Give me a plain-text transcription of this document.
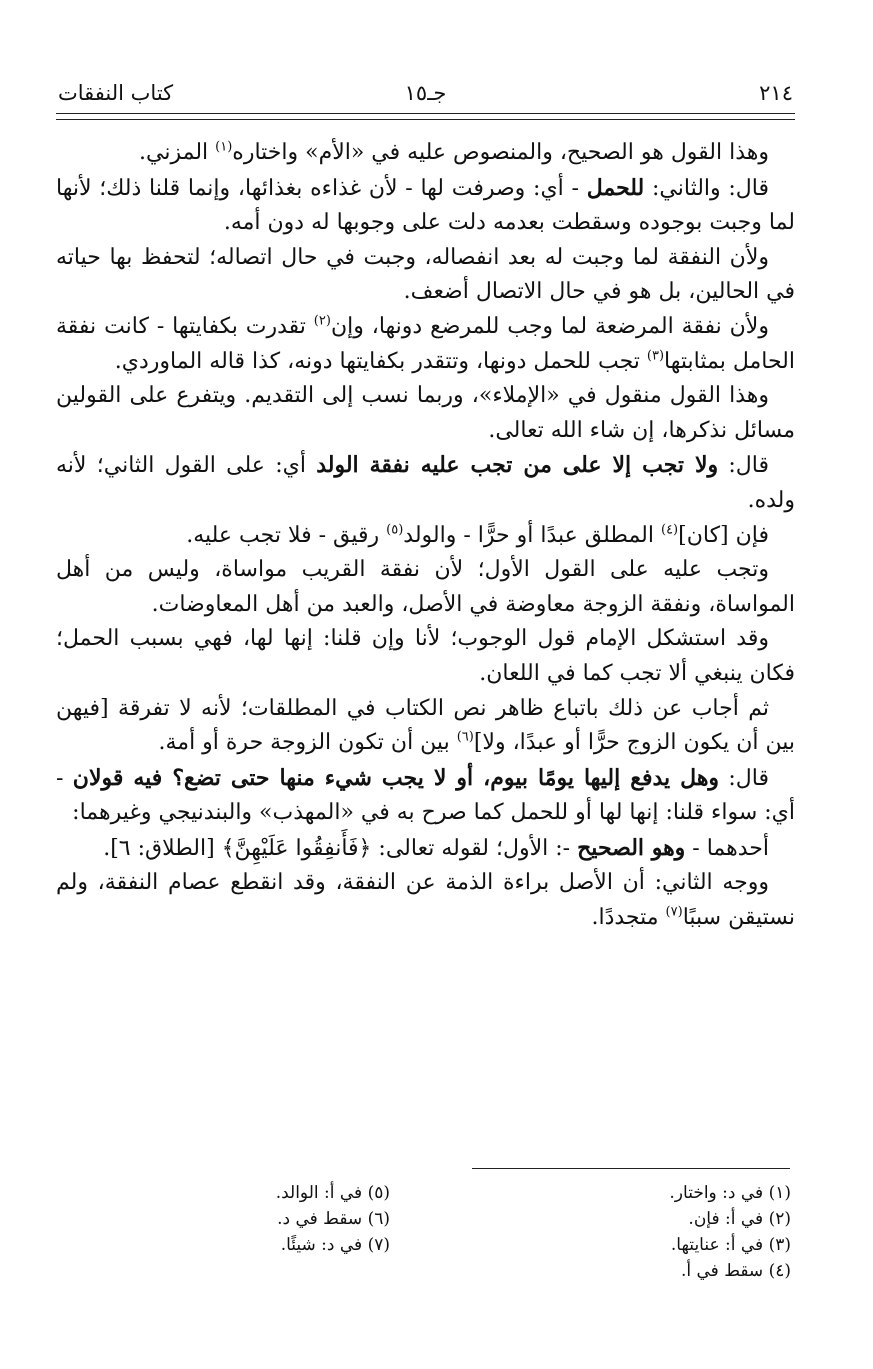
٢١٤
جـ١٥
كتاب النفقات

وهذا القول هو الصحيح، والمنصوص عليه في «الأم» واختاره$^{(١)}$ المزني.

قال: والثاني: للحمل - أي: وصرفت لها - لأن غذاءه بغذائها، وإنما قلنا ذلك؛ لأنها لما وجبت بوجوده وسقطت بعدمه دلت على وجوبها له دون أمه.

ولأن النفقة لما وجبت له بعد انفصاله، وجبت في حال اتصاله؛ لتحفظ بها حياته في الحالين، بل هو في حال الاتصال أضعف.

ولأن نفقة المرضعة لما وجب للمرضع دونها، وإن$^{(٢)}$ تقدرت بكفايتها - كانت نفقة الحامل بمثابتها$^{(٣)}$ تجب للحمل دونها، وتتقدر بكفايتها دونه، كذا قاله الماوردي.

وهذا القول منقول في «الإملاء»، وربما نسب إلى التقديم. ويتفرع على القولين مسائل نذكرها، إن شاء الله تعالى.

قال: ولا تجب إلا على من تجب عليه نفقة الولد أي: على القول الثاني؛ لأنه ولده.

فإن [كان]$^{(٤)}$ المطلق عبدًا أو حرًّا - والولد$^{(٥)}$ رقيق - فلا تجب عليه.

وتجب عليه على القول الأول؛ لأن نفقة القريب مواساة، وليس من أهل المواساة، ونفقة الزوجة معاوضة في الأصل، والعبد من أهل المعاوضات.

وقد استشكل الإمام قول الوجوب؛ لأنا وإن قلنا: إنها لها، فهي بسبب الحمل؛ فكان ينبغي ألا تجب كما في اللعان.

ثم أجاب عن ذلك باتباع ظاهر نص الكتاب في المطلقات؛ لأنه لا تفرقة [فيهن بين أن يكون الزوج حرًّا أو عبدًا، ولا]$^{(٦)}$ بين أن تكون الزوجة حرة أو أمة.

قال: وهل يدفع إليها يومًا بيوم، أو لا يجب شيء منها حتى تضع؟ فيه قولان - أي: سواء قلنا: إنها لها أو للحمل كما صرح به في «المهذب» والبندنيجي وغيرهما:

أحدهما - وهو الصحيح -: الأول؛ لقوله تعالى: ﴿فَأَنفِقُوا عَلَيْهِنَّ﴾ [الطلاق: ٦].

ووجه الثاني: أن الأصل براءة الذمة عن النفقة، وقد انقطع عصام النفقة، ولم نستيقن سببًا$^{(٧)}$ متجددًا.

(١) في د: واختار.
(٢) في أ: فإن.
(٣) في أ: عنايتها.
(٤) سقط في أ.
(٥) في أ: الوالد.
(٦) سقط في د.
(٧) في د: شيئًا.
